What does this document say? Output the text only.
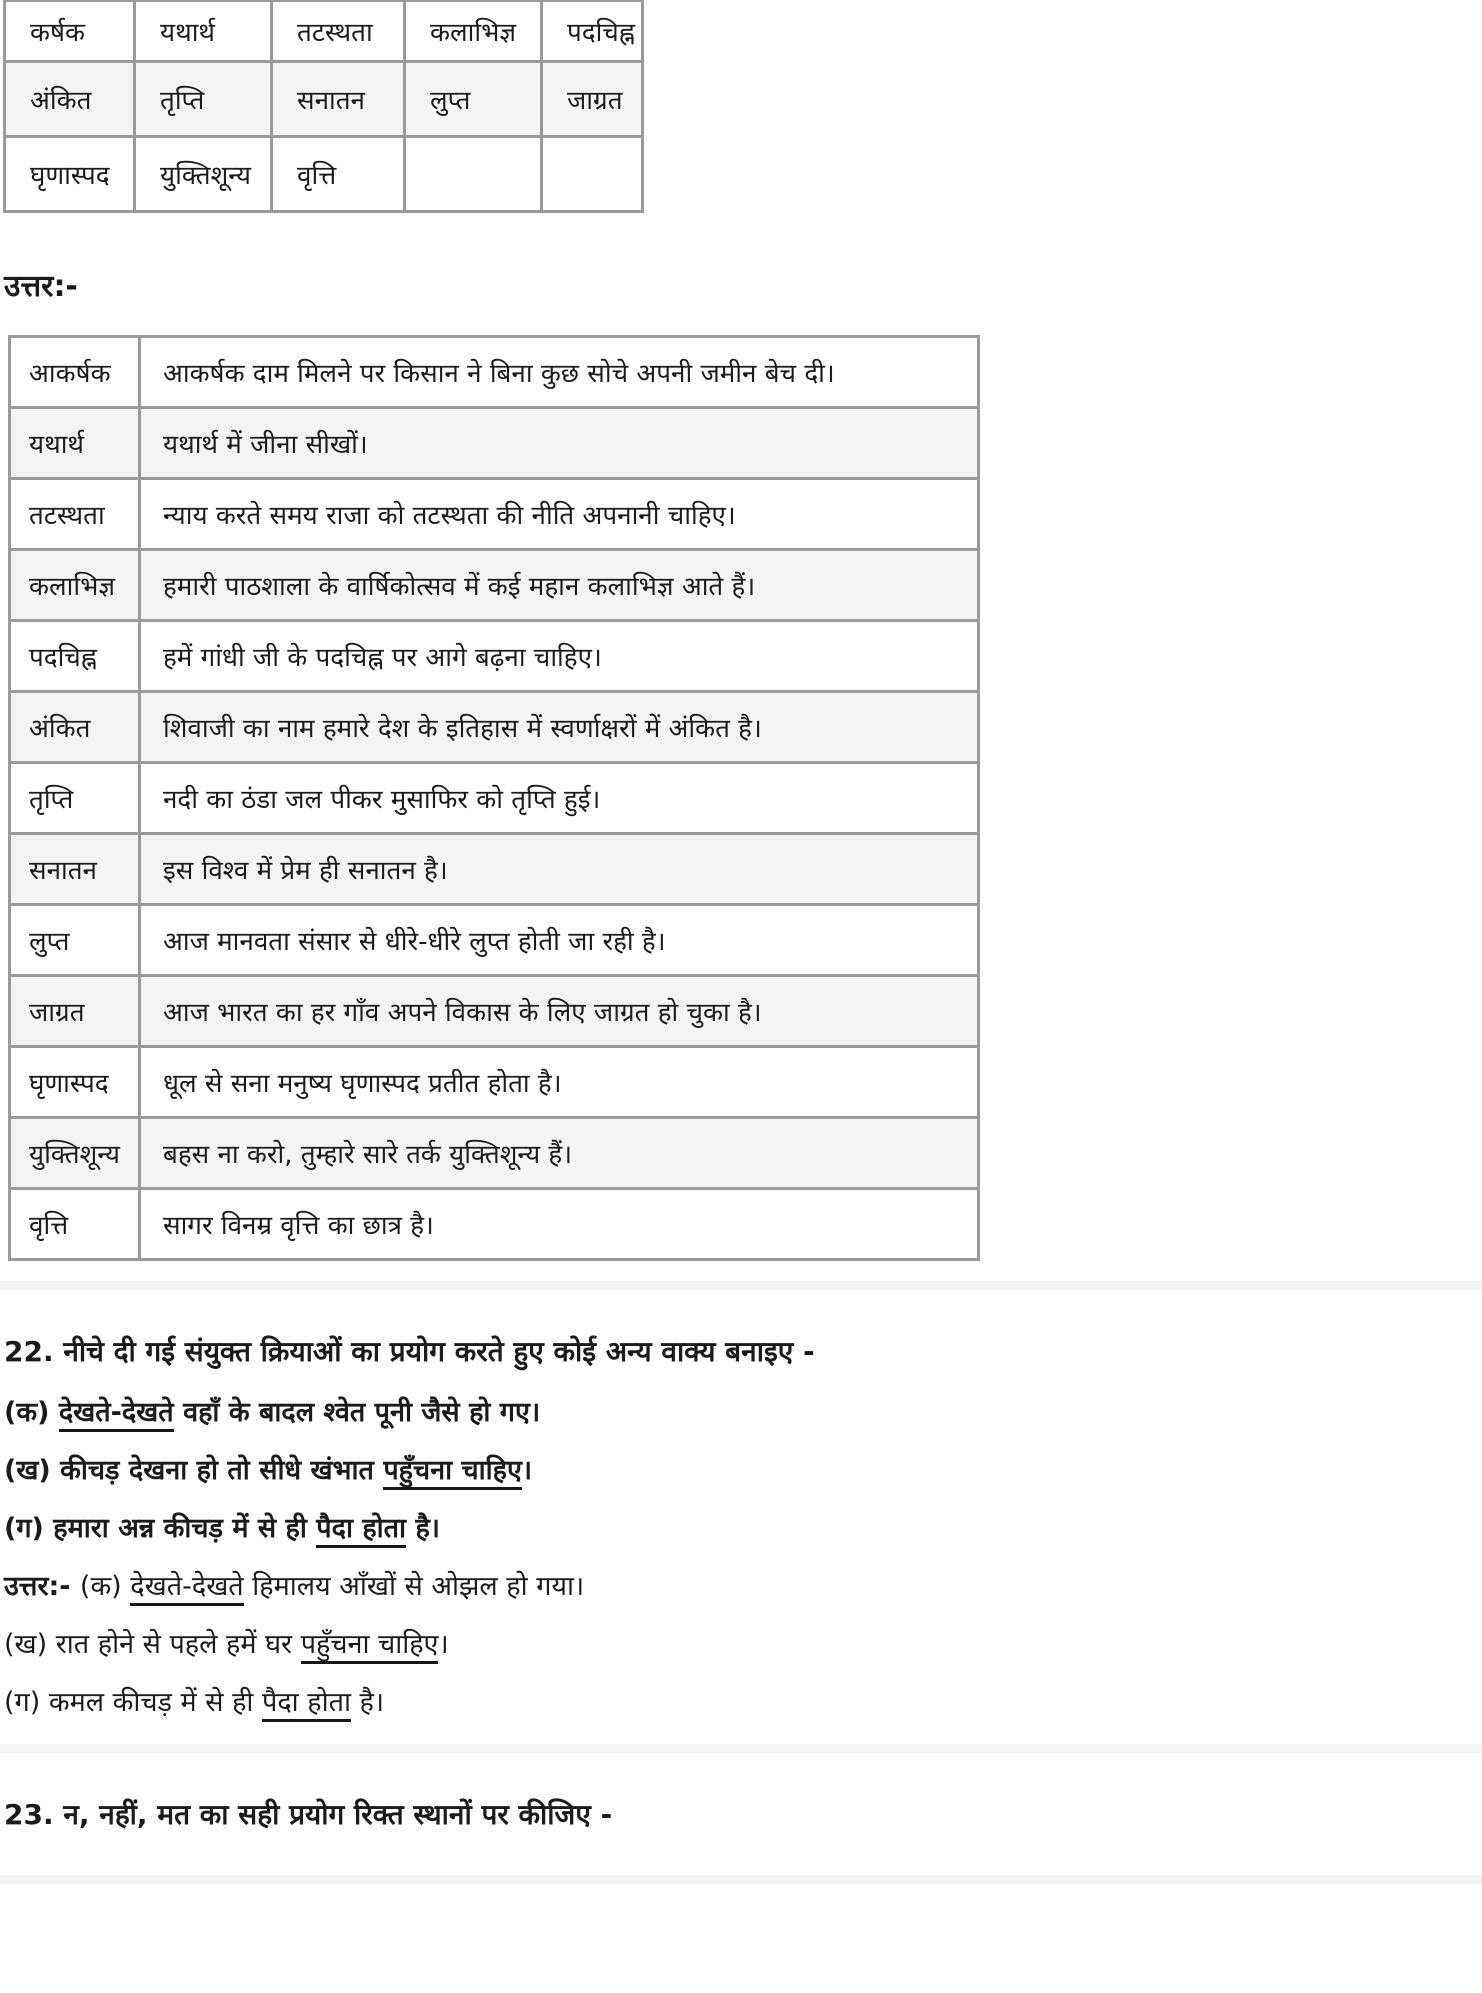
कर्षक	यथार्थ	तटस्थता	कलाभिज्ञ	पदचिह्न
अंकित	तृप्ति	सनातन	लुप्त	जाग्रत
घृणास्पद	युक्तिशून्य	वृत्ति		
उत्तर:-
आकर्षक	आकर्षक दाम मिलने पर किसान ने बिना कुछ सोचे अपनी जमीन बेच दी।
यथार्थ	यथार्थ में जीना सीखों।
तटस्थता	न्याय करते समय राजा को तटस्थता की नीति अपनानी चाहिए।
कलाभिज्ञ	हमारी पाठशाला के वार्षिकोत्सव में कई महान कलाभिज्ञ आते हैं।
पदचिह्न	हमें गांधी जी के पदचिह्न पर आगे बढ़ना चाहिए।
अंकित	शिवाजी का नाम हमारे देश के इतिहास में स्वर्णाक्षरों में अंकित है।
तृप्ति	नदी का ठंडा जल पीकर मुसाफिर को तृप्ति हुई।
सनातन	इस विश्व में प्रेम ही सनातन है।
लुप्त	आज मानवता संसार से धीरे-धीरे लुप्त होती जा रही है।
जाग्रत	आज भारत का हर गाँव अपने विकास के लिए जाग्रत हो चुका है।
घृणास्पद	धूल से सना मनुष्य घृणास्पद प्रतीत होता है।
युक्तिशून्य	बहस ना करो, तुम्हारे सारे तर्क युक्तिशून्य हैं।
वृत्ति	सागर विनम्र वृत्ति का छात्र है।

22. नीचे दी गई संयुक्त क्रियाओं का प्रयोग करते हुए कोई अन्य वाक्य बनाइए -

(क) देखते-देखते वहाँ के बादल श्वेत पूनी जैसे हो गए।

(ख) कीचड़ देखना हो तो सीधे खंभात पहुँचना चाहिए।

(ग) हमारा अन्न कीचड़ में से ही पैदा होता है।

उत्तर:- (क) देखते-देखते हिमालय आँखों से ओझल हो गया।

(ख) रात होने से पहले हमें घर पहुँचना चाहिए।

(ग) कमल कीचड़ में से ही पैदा होता है।

23. न, नहीं, मत का सही प्रयोग रिक्त स्थानों पर कीजिए -
